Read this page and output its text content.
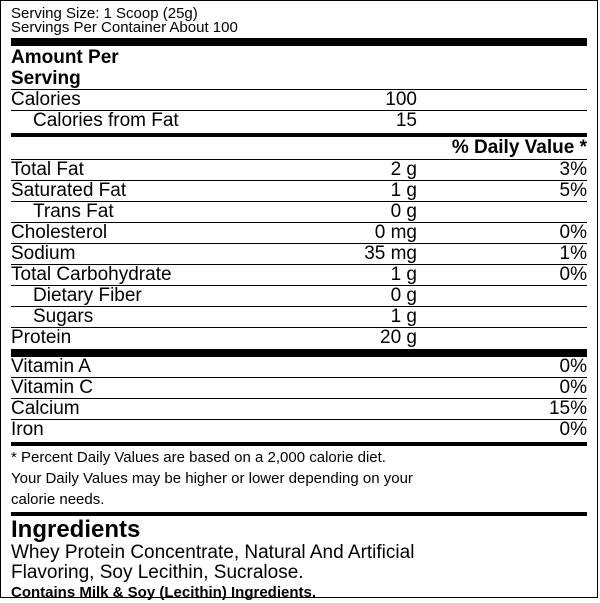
Serving Size: 1 Scoop (25g)
Servings Per Container About 100
Amount Per
Serving
Calories	100
Calories from Fat	15
% Daily Value *
Total Fat	2 g	3%
Saturated Fat	1 g	5%
Trans Fat	0 g
Cholesterol	0 mg	0%
Sodium	35 mg	1%
Total Carbohydrate	1 g	0%
Dietary Fiber	0 g
Sugars	1 g
Protein	20 g
Vitamin A	0%
Vitamin C	0%
Calcium	15%
Iron	0%
* Percent Daily Values are based on a 2,000 calorie diet.
Your Daily Values may be higher or lower depending on your
calorie needs.
Ingredients
Whey Protein Concentrate, Natural And Artificial
Flavoring, Soy Lecithin, Sucralose.
Contains Milk & Soy (Lecithin) Ingredients.
